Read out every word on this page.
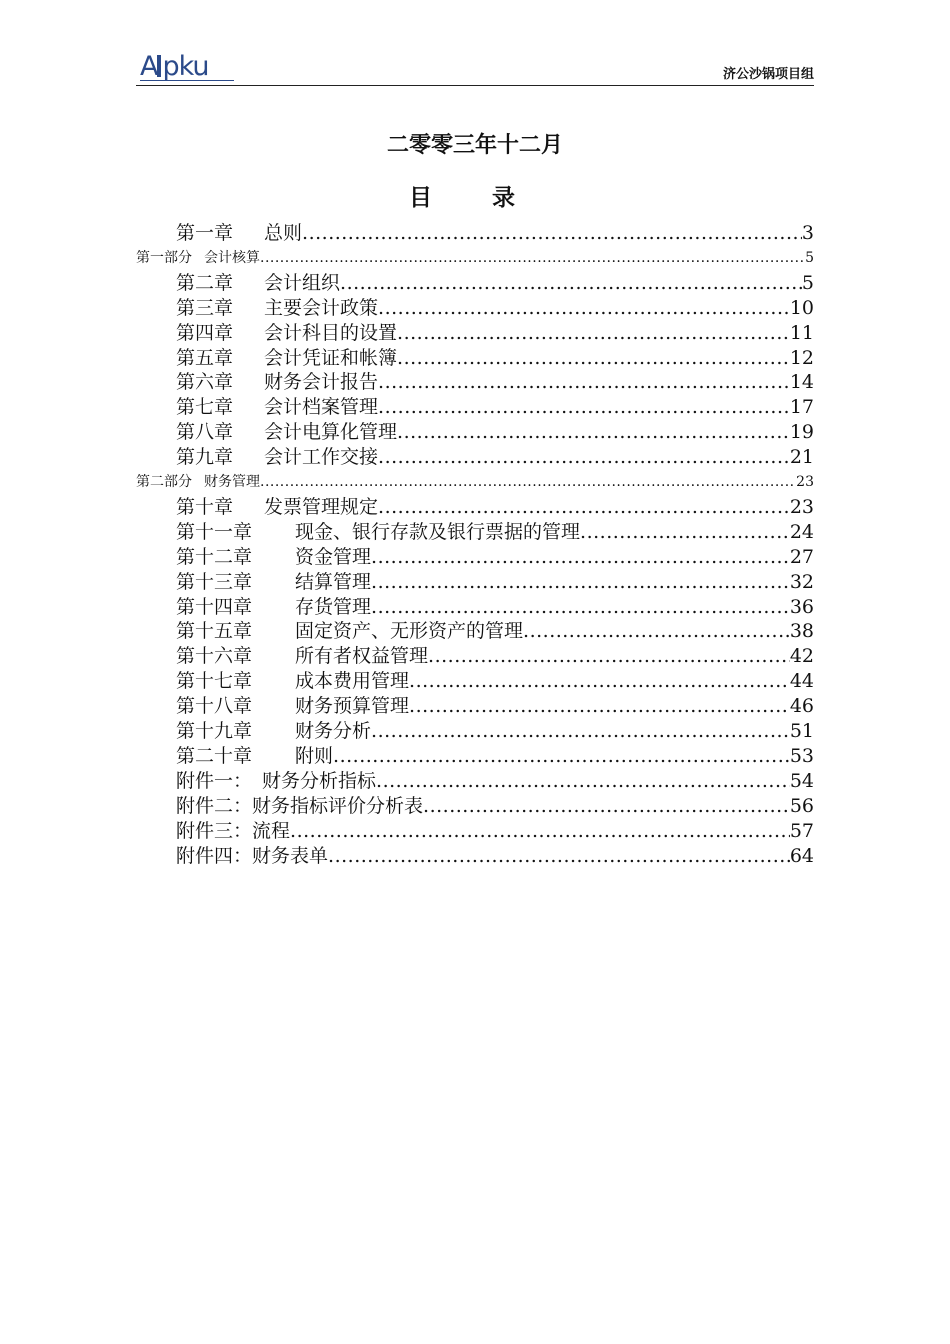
A pku	济公沙锅项目组
二零零三年十二月
目 录
第一章 总则 .....	3
第一部分 会计核算 .....	5
第二章 会计组织 .....	5
第三章 主要会计政策 .....	10
第四章 会计科目的设置 .....	11
第五章 会计凭证和帐簿 .....	12
第六章 财务会计报告 .....	14
第七章 会计档案管理 .....	17
第八章 会计电算化管理 .....	19
第九章 会计工作交接 .....	21
第二部分 财务管理 .....	23
第十章 发票管理规定 .....	23
第十一章 现金、银行存款及银行票据的管理 .....	24
第十二章 资金管理 .....	27
第十三章 结算管理 .....	32
第十四章 存货管理 .....	36
第十五章 固定资产、无形资产的管理 .....	38
第十六章 所有者权益管理 .....	42
第十七章 成本费用管理 .....	44
第十八章 财务预算管理 .....	46
第十九章 财务分析 .....	51
第二十章 附则 .....	53
附件一： 财务分析指标 .....	54
附件二： 财务指标评价分析表 .....	56
附件三： 流程 .....	57
附件四： 财务表单 .....	64
